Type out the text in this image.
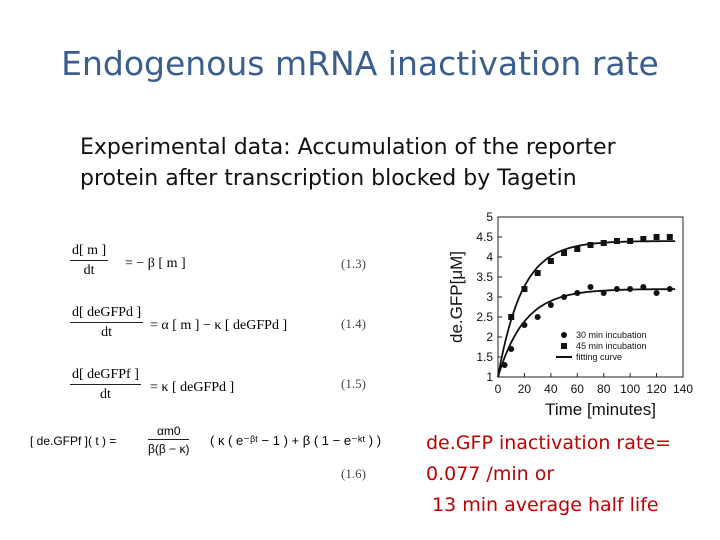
Endogenous mRNA inactivation rate
Experimental data: Accumulation of the reporter
protein after transcription blocked by Tagetin
$\frac{d[ m ]}{dt}$ = − β [ m ]	(1.3)
d[ deGFPd ]
dt	= α [ m ] − κ [ deGFPd ]	(1.4)
d[ deGFPf ]
dt	= κ [ deGFPd ]	(1.5)
[ de.GFPf ]( t ) =	$\frac{\alpha m0}{\beta(\beta - \kappa)}$ ( κ ( e⁻ᵝᵗ − 1 ) + β ( 1 − e⁻ᵏᵗ ) )
(1.6)
1
1.5
2
2.5
3
3.5
4
4.5
5
0 20 40 60 80 100 120 140
Time [minutes]
de.GFP[μM]	30 min incubation
45 min incubation
fitting curve
de.GFP inactivation rate=
0.077 /min or
13 min average half life
